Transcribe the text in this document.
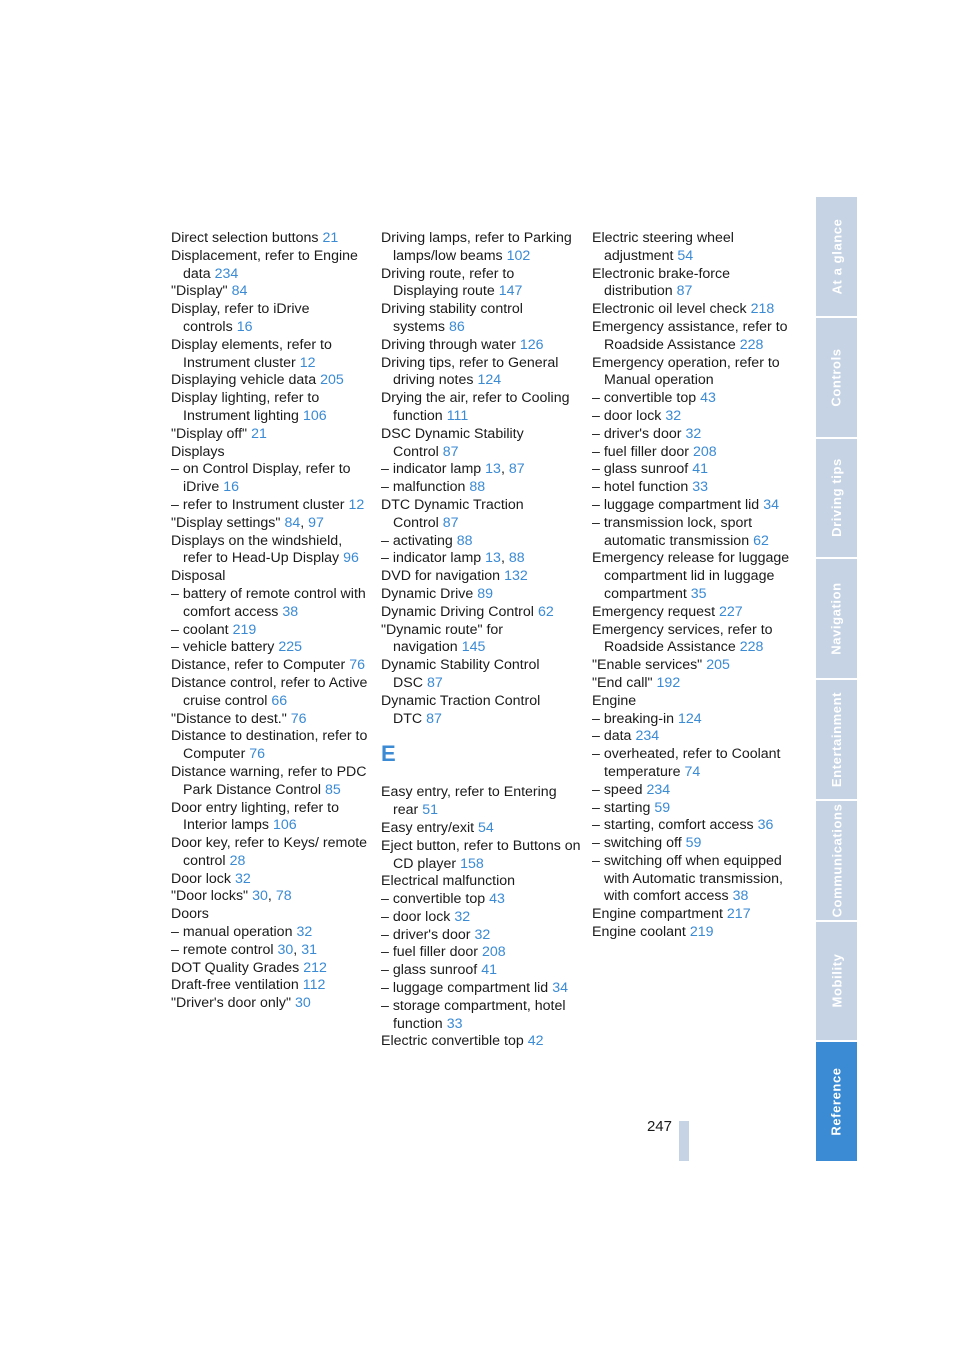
Direct selection buttons 21
Displacement, refer to Engine data 234
"Display" 84
Display, refer to iDrive controls 16
Display elements, refer to Instrument cluster 12
Displaying vehicle data 205
Display lighting, refer to Instrument lighting 106
"Display off" 21
Displays
– on Control Display, refer to iDrive 16
– refer to Instrument cluster 12
"Display settings" 84, 97
Displays on the windshield, refer to Head-Up Display 96
Disposal
– battery of remote control with comfort access 38
– coolant 219
– vehicle battery 225
Distance, refer to Computer 76
Distance control, refer to Active cruise control 66
"Distance to dest." 76
Distance to destination, refer to Computer 76
Distance warning, refer to PDC Park Distance Control 85
Door entry lighting, refer to Interior lamps 106
Door key, refer to Keys/ remote control 28
Door lock 32
"Door locks" 30, 78
Doors
– manual operation 32
– remote control 30, 31
DOT Quality Grades 212
Draft-free ventilation 112
"Driver's door only" 30
Driving lamps, refer to Parking lamps/low beams 102
Driving route, refer to Displaying route 147
Driving stability control systems 86
Driving through water 126
Driving tips, refer to General driving notes 124
Drying the air, refer to Cooling function 111
DSC Dynamic Stability Control 87
– indicator lamp 13, 87
– malfunction 88
DTC Dynamic Traction Control 87
– activating 88
– indicator lamp 13, 88
DVD for navigation 132
Dynamic Drive 89
Dynamic Driving Control 62
"Dynamic route" for navigation 145
Dynamic Stability Control DSC 87
Dynamic Traction Control DTC 87
E
Easy entry, refer to Entering rear 51
Easy entry/exit 54
Eject button, refer to Buttons on CD player 158
Electrical malfunction
– convertible top 43
– door lock 32
– driver's door 32
– fuel filler door 208
– glass sunroof 41
– luggage compartment lid 34
– storage compartment, hotel function 33
Electric convertible top 42
Electric steering wheel adjustment 54
Electronic brake-force distribution 87
Electronic oil level check 218
Emergency assistance, refer to Roadside Assistance 228
Emergency operation, refer to Manual operation
– convertible top 43
– door lock 32
– driver's door 32
– fuel filler door 208
– glass sunroof 41
– hotel function 33
– luggage compartment lid 34
– transmission lock, sport automatic transmission 62
Emergency release for luggage compartment lid in luggage compartment 35
Emergency request 227
Emergency services, refer to Roadside Assistance 228
"Enable services" 205
"End call" 192
Engine
– breaking-in 124
– data 234
– overheated, refer to Coolant temperature 74
– speed 234
– starting 59
– starting, comfort access 36
– switching off 59
– switching off when equipped with Automatic transmission, with comfort access 38
Engine compartment 217
Engine coolant 219
At a glance
Controls
Driving tips
Navigation
Entertainment
Communications
Mobility
Reference
247
